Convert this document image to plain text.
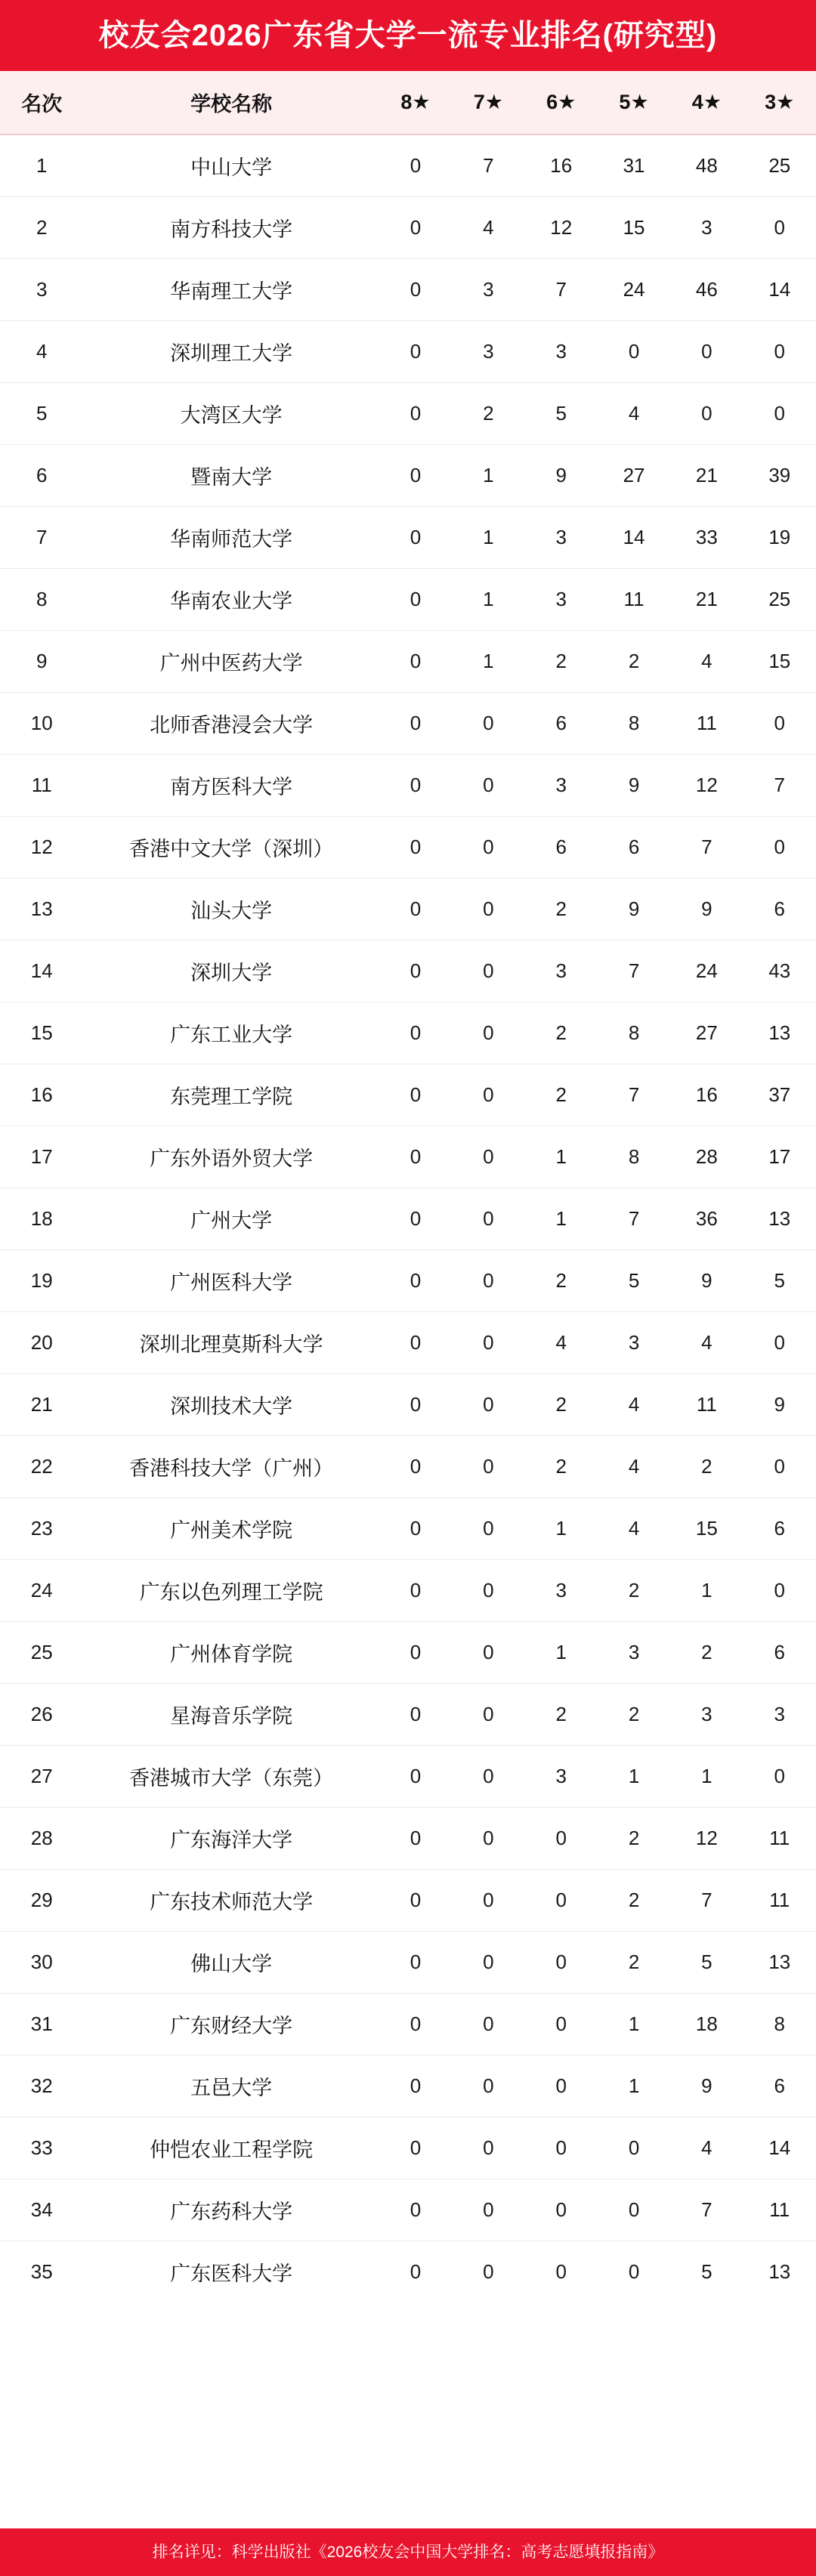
校友会2026广东省大学一流专业排名(研究型)
名次	学校名称	8★	7★	6★	5★	4★	3★
1	中山大学	0	7	16	31	48	25
2	南方科技大学	0	4	12	15	3	0
3	华南理工大学	0	3	7	24	46	14
4	深圳理工大学	0	3	3	0	0	0
5	大湾区大学	0	2	5	4	0	0
6	暨南大学	0	1	9	27	21	39
7	华南师范大学	0	1	3	14	33	19
8	华南农业大学	0	1	3	11	21	25
9	广州中医药大学	0	1	2	2	4	15
10	北师香港浸会大学	0	0	6	8	11	0
11	南方医科大学	0	0	3	9	12	7
12	香港中文大学（深圳）	0	0	6	6	7	0
13	汕头大学	0	0	2	9	9	6
14	深圳大学	0	0	3	7	24	43
15	广东工业大学	0	0	2	8	27	13
16	东莞理工学院	0	0	2	7	16	37
17	广东外语外贸大学	0	0	1	8	28	17
18	广州大学	0	0	1	7	36	13
19	广州医科大学	0	0	2	5	9	5
20	深圳北理莫斯科大学	0	0	4	3	4	0
21	深圳技术大学	0	0	2	4	11	9
22	香港科技大学（广州）	0	0	2	4	2	0
23	广州美术学院	0	0	1	4	15	6
24	广东以色列理工学院	0	0	3	2	1	0
25	广州体育学院	0	0	1	3	2	6
26	星海音乐学院	0	0	2	2	3	3
27	香港城市大学（东莞）	0	0	3	1	1	0
28	广东海洋大学	0	0	0	2	12	11
29	广东技术师范大学	0	0	0	2	7	11
30	佛山大学	0	0	0	2	5	13
31	广东财经大学	0	0	0	1	18	8
32	五邑大学	0	0	0	1	9	6
33	仲恺农业工程学院	0	0	0	0	4	14
34	广东药科大学	0	0	0	0	7	11
35	广东医科大学	0	0	0	0	5	13
排名详见：科学出版社《2026校友会中国大学排名：高考志愿填报指南》
